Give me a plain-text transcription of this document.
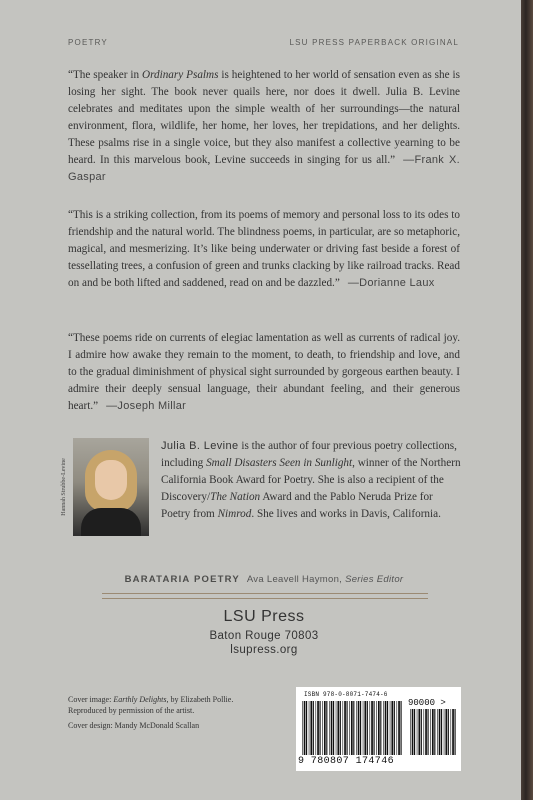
POETRY	LSU PRESS PAPERBACK ORIGINAL
“The speaker in Ordinary Psalms is heightened to her world of sensation even as she is losing her sight. The book never quails here, nor does it dwell. Julia B. Levine celebrates and meditates upon the simple wealth of her surroundings—the natural environment, flora, wildlife, her home, her loves, her trepidations, and her delights. These psalms rise in a single voice, but they also manifest a collective yearning to be heard. In this marvelous book, Levine succeeds in singing for us all.” —Frank X. Gaspar
“This is a striking collection, from its poems of memory and personal loss to its odes to friendship and the natural world. The blindness poems, in particular, are so metaphoric, magical, and mesmerizing. It’s like being underwater or driving fast beside a forest of tessellating trees, a confusion of green and trunks clacking by like railroad tracks. Read on and be both lifted and saddened, read on and be dazzled.” —Dorianne Laux
“These poems ride on currents of elegiac lamentation as well as currents of radical joy. I admire how awake they remain to the moment, to death, to friendship and love, and to the gradual diminishment of physical sight surrounded by gorgeous earthen beauty. I admire their deeply sensual language, their abundant feeling, and their generous heart.” —Joseph Millar
Hannah Strubbe-Levine
Julia B. Levine is the author of four previous poetry collections, including Small Disasters Seen in Sunlight, winner of the Northern California Book Award for Poetry. She is also a recipient of the Discovery/The Nation Award and the Pablo Neruda Prize for Poetry from Nimrod. She lives and works in Davis, California.
BARATARIA POETRY Ava Leavell Haymon, Series Editor
LSU Press
Baton Rouge 70803
lsupress.org

Cover image: Earthly Delights, by Elizabeth Pollie.
Reproduced by permission of the artist.

Cover design: Mandy McDonald Scallan

ISBN 978-0-8071-7474-6
90000 >
9 780807 174746
